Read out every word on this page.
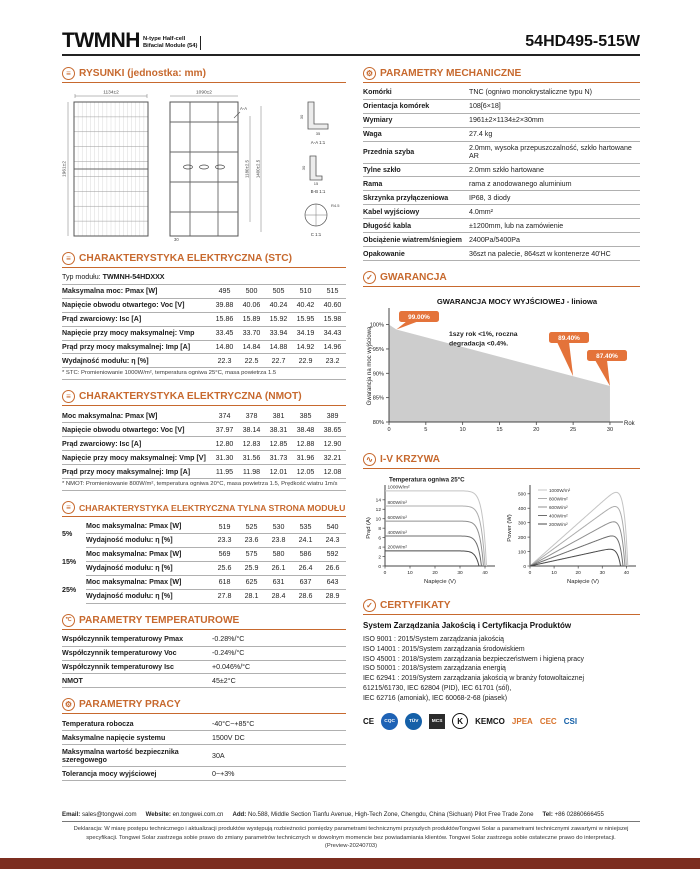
TWMNH N-type Half-cell
Bifacial Module (54)	54HD495-515W
≡ RYSUNKI (jednostka: mm)
1134±2
1961±2
1090±2
A-A
1180±2.5 1400±2.5
30
30
35
A-A 1:1
30
15
B-B 1:1
R4.5
C 1:1
≡ CHARAKTERYSTYKA ELEKTRYCZNA (STC)
Typ modułu: TWMNH-54HDXXX
Maksymalna moc: Pmax [W]	495	500	505	510	515
Napięcie obwodu otwartego: Voc [V]	39.88	40.06	40.24	40.42	40.60
Prąd zwarciowy: Isc [A]	15.86	15.89	15.92	15.95	15.98
Napięcie przy mocy maksymalnej: Vmp	33.45	33.70	33.94	34.19	34.43
Prąd przy mocy maksymalnej: Imp [A]	14.80	14.84	14.88	14.92	14.96
Wydajność modułu: η [%]	22.3	22.5	22.7	22.9	23.2
* STC: Promieniowanie 1000W/m², temperatura ogniwa 25°C, masa powietrza 1.5
≡ CHARAKTERYSTYKA ELEKTRYCZNA (NMOT)
Moc maksymalna: Pmax [W]	374	378	381	385	389
Napięcie obwodu otwartego: Voc [V]	37.97	38.14	38.31	38.48	38.65
Prąd zwarciowy: Isc [A]	12.80	12.83	12.85	12.88	12.90
Napięcie przy mocy maksymalnej: Vmp [V]	31.30	31.56	31.73	31.96	32.21
Prąd przy mocy maksymalnej: Imp [A]	11.95	11.98	12.01	12.05	12.08
* NMOT: Promieniowanie 800W/m², temperatura ogniwa 20°C, masa powietrza 1.5, Prędkość wiatru 1m/s
≡ CHARAKTERYSTYKA ELEKTRYCZNA TYLNA STRONA MODUŁU
5%
Moc maksymalna: Pmax [W]	519	525	530	535	540
Wydajność modułu: η [%]	23.3	23.6	23.8	24.1	24.3
15%
Moc maksymalna: Pmax [W]	569	575	580	586	592
Wydajność modułu: η [%]	25.6	25.9	26.1	26.4	26.6
25%
Moc maksymalna: Pmax [W]	618	625	631	637	643
Wydajność modułu: η [%]	27.8	28.1	28.4	28.6	28.9
℃ PARAMETRY TEMPERATUROWE
Współczynnik temperaturowy Pmax	-0.28%/°C
Współczynnik temperaturowy Voc	-0.24%/°C
Współczynnik temperaturowy Isc	+0.046%/°C
NMOT	45±2°C
⚙ PARAMETRY PRACY
Temperatura robocza	-40°C~+85°C
Maksymalne napięcie systemu	1500V DC
Maksymalna wartość bezpiecznika szeregowego	30A
Tolerancja mocy wyjściowej	0~+3%
⚙ PARAMETRY MECHANICZNE
Komórki	TNC (ogniwo monokrystaliczne typu N)
Orientacja komórek	108[6×18]
Wymiary	1961±2×1134±2×30mm
Waga	27.4 kg
Przednia szyba	2.0mm, wysoka przepuszczalność, szkło hartowane AR
Tylne szkło	2.0mm szkło hartowane
Rama	rama z anodowanego aluminium
Skrzynka przyłączeniowa	IP68, 3 diody
Kabel wyjściowy	4.0mm²
Długość kabla	±1200mm, lub na zamówienie
Obciążenie wiatrem/śniegiem 2400Pa/5400Pa
Opakowanie	36szt na palecie, 864szt w kontenerze 40'HC
✓ GWARANCJA
80%
85%
90%
95%
100%
0	5	10	15	20	25	30
Rok
Gwarancja na moc wyjściową
GWARANCJA MOCY WYJŚCIOWEJ - liniowa
1szy rok <1%, roczna
degradacja <0.4%.
99.00%
89.40%
87.40%
∿ I-V KRZYWA
0
2
4
6
8
10
12
14
0	10	20	30	40
1000W/m²
800W/m²
600W/m²
400W/m²
200W/m²
Temperatura ogniwa 25°C
Napięcie (V)
Prąd (A)
0
100
200
300
400
500
0	10	20	30	40
1000W/m²
800W/m²
600W/m²
400W/m²
200W/m²
Napięcie (V)
Power (W)
✓ CERTYFIKATY
System Zarządzania Jakością i Certyfikacja Produktów
ISO 9001 : 2015/System zarządzania jakością
ISO 14001 : 2015/System zarządzania środowiskiem
ISO 45001 : 2018/System zarządzania bezpieczeństwem i higieną pracy
ISO 50001 : 2018/System zarządzania energią
IEC 62941 : 2019/System zarządzania jakością w branży fotowoltaicznej
61215/61730, IEC 62804 (PID), IEC 61701 (sól),
IEC 62716 (amoniak), IEC 60068-2-68 (piasek)
CE	CQC	TÜV	MCS	K	KEMCO JPEA CEC CSI
Email: sales@tongwei.com Website: en.tongwei.com.cn Add: No.588, Middle Section Tianfu Avenue, High-Tech Zone, Chengdu, China (Sichuan) Pilot Free Trade Zone Tel: +86 02860666455
Deklaracja: W miarę postępu technicznego i aktualizacji produktów występują rozbieżności pomiędzy parametrami technicznymi przyszłych produktówTongwei Solar a parametrami technicznymi zawartymi w niniejszej
specyfikacji. Tongwei Solar zastrzega sobie prawo do zmiany parametrów technicznych w dowolnym momencie bez powiadamiania klientów. Tongwei Solar zastrzega sobie ostateczne prawo do interpretacji.
(Preview-20240703)
